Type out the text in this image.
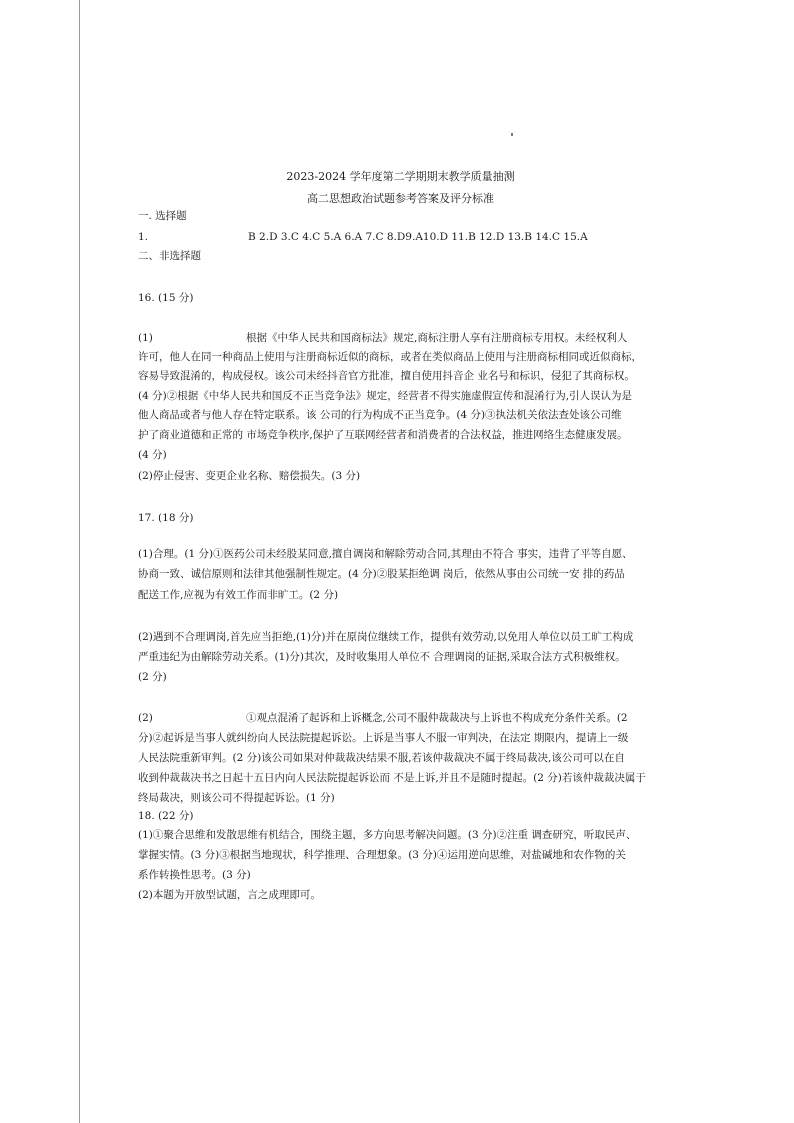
2023-2024 学年度第二学期期末教学质量抽测
高二思想政治试题参考答案及评分标准
一. 选择题
1.	B 2.D 3.C 4.C 5.A 6.A 7.C 8.D9.A10.D 11.B 12.D 13.B 14.C 15.A
二、非选择题
16. (15 分)
(1)	根据《中华人民共和国商标法》规定,商标注册人享有注册商标专用权。未经权利人
许可，他人在同一种商品上使用与注册商标近似的商标，或者在类似商品上使用与注册商标相同或近似商标，
容易导致混淆的，构成侵权。该公司未经抖音官方批准，擅自使用抖音企 业名号和标识，侵犯了其商标权。
(4 分)②根据《中华人民共和国反不正当竞争法》规定，经营者不得实施虚假宣传和混淆行为,引人误认为是
他人商品或者与他人存在特定联系。该 公司的行为构成不正当竞争。(4 分)③执法机关依法查处该公司维
护了商业道德和正常的 市场竞争秩序,保护了互联网经营者和消费者的合法权益，推进网络生态健康发展。
(4 分)
(2)停止侵害、变更企业名称、赔偿损失。(3 分)
17. (18 分)
(1)合理。(1 分)①医药公司未经股某同意,擅自调岗和解除劳动合同,其理由不符合 事实，违背了平等自愿、
协商一致、诚信原则和法律其他强制性规定。(4 分)②股某拒绝调 岗后，依然从事由公司统一安 排的药品
配送工作,应视为有效工作而非旷工。(2 分)
(2)遇到不合理调岗,首先应当拒绝,(1)分)并在原岗位继续工作，提供有效劳动,以免用人单位以员工旷工构成
严重违纪为由解除劳动关系。(1)分)其次，及时收集用人单位不 合理调岗的证据,采取合法方式积极维权。
(2 分)
(2)	①观点混淆了起诉和上诉概念,公司不服仲裁裁决与上诉也不构成充分条件关系。(2
分)②起诉是当事人就纠纷向人民法院提起诉讼。上诉是当事人不服一审判决，在法定 期限内，提请上一级
人民法院重新审判。(2 分)该公司如果对仲裁裁决结果不服,若该仲裁裁决不属于终局裁决,该公司可以在自
收到仲裁裁决书之日起十五日内向人民法院提起诉讼而 不是上诉,并且不是随时提起。(2 分)若该仲裁裁决属于
终局裁决，则该公司不得提起诉讼。(1 分)
18. (22 分)
(1)①聚合思维和发散思维有机结合，围绕主题，多方向思考解决问题。(3 分)②注重 调查研究，听取民声、
掌握实情。(3 分)③根据当地现状，科学推理、合理想象。(3 分)④运用逆向思维，对盐碱地和农作物的关
系作转换性思考。(3 分)
(2)本题为开放型试题，言之成理即可。
